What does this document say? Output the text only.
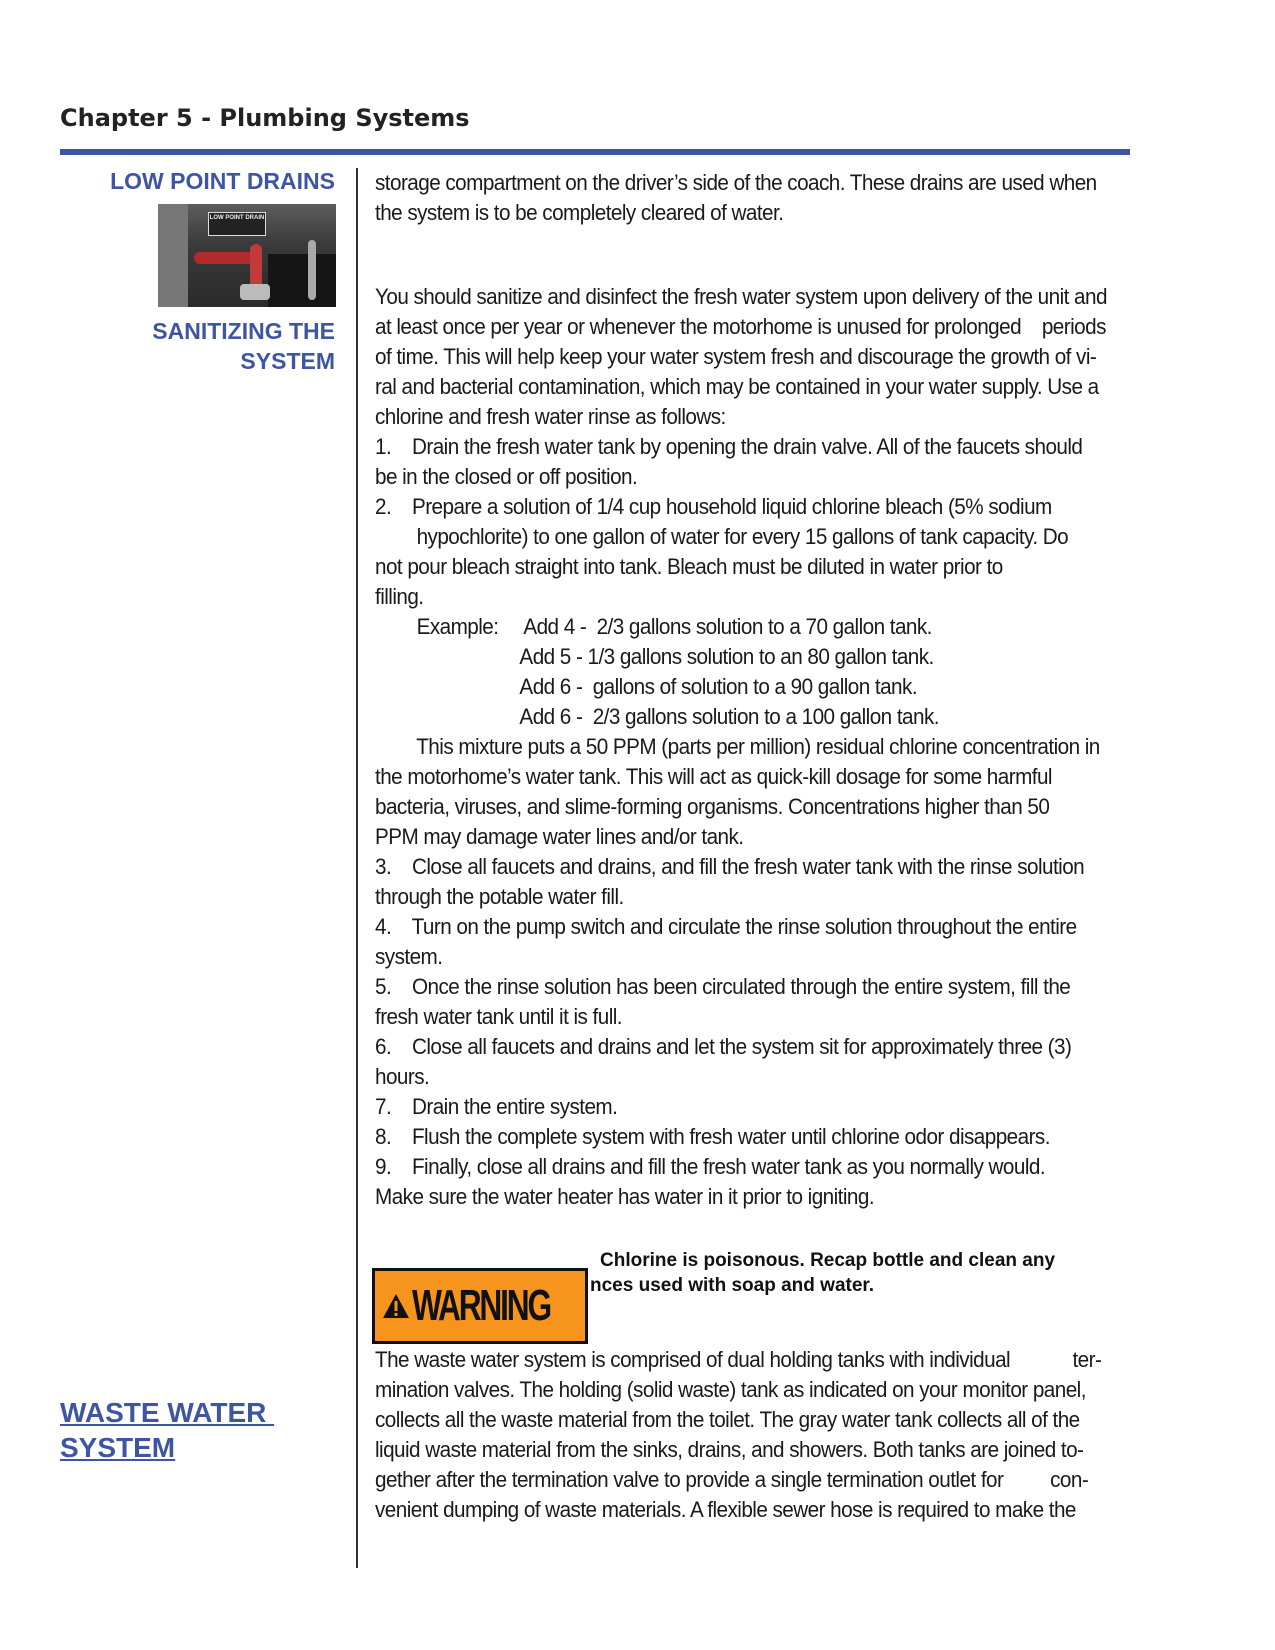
Chapter 5 - Plumbing Systems
LOW POINT DRAINS
LOW POINT DRAIN
SANITIZING THE
SYSTEM
WASTE WATER
SYSTEM

storage compartment on the driver’s side of the coach. These drains are used when

the system is to be completely cleared of water.

You should sanitize and disinfect the fresh water system upon delivery of the unit and

at least once per year or whenever the motorhome is unused for prolonged    periods

of time. This will help keep your water system fresh and discourage the growth of vi-

ral and bacterial contamination, which may be contained in your water supply. Use a

chlorine and fresh water rinse as follows:

1.    Drain the fresh water tank by opening the drain valve. All of the faucets should

be in the closed or off position.

2.    Prepare a solution of 1/4 cup household liquid chlorine bleach (5% sodium

hypochlorite) to one gallon of water for every 15 gallons of tank capacity. Do

not pour bleach straight into tank. Bleach must be diluted in water prior to

filling.

Example:     Add 4 -  2/3 gallons solution to a 70 gallon tank.

Add 5 - 1/3 gallons solution to an 80 gallon tank.

Add 6 -  gallons of solution to a 90 gallon tank.

Add 6 -  2/3 gallons solution to a 100 gallon tank.

This mixture puts a 50 PPM (parts per million) residual chlorine concentration in

the motorhome’s water tank. This will act as quick-kill dosage for some harmful

bacteria, viruses, and slime-forming organisms. Concentrations higher than 50

PPM may damage water lines and/or tank.

3.    Close all faucets and drains, and fill the fresh water tank with the rinse solution

through the potable water fill.

4.    Turn on the pump switch and circulate the rinse solution throughout the entire

system.

5.    Once the rinse solution has been circulated through the entire system, fill the

fresh water tank until it is full.

6.    Close all faucets and drains and let the system sit for approximately three (3)

hours.

7.    Drain the entire system.

8.    Flush the complete system with fresh water until chlorine odor disappears.

9.    Finally, close all drains and fill the fresh water tank as you normally would.

Make sure the water heater has water in it prior to igniting.

Chlorine is poisonous. Recap bottle and clean any
nces used with soap and water.
WARNING

The waste water system is comprised of dual holding tanks with individual            ter-

mination valves. The holding (solid waste) tank as indicated on your monitor panel,

collects all the waste material from the toilet. The gray water tank collects all of the

liquid waste material from the sinks, drains, and showers. Both tanks are joined to-

gether after the termination valve to provide a single termination outlet for         con-

venient dumping of waste materials. A flexible sewer hose is required to make the
